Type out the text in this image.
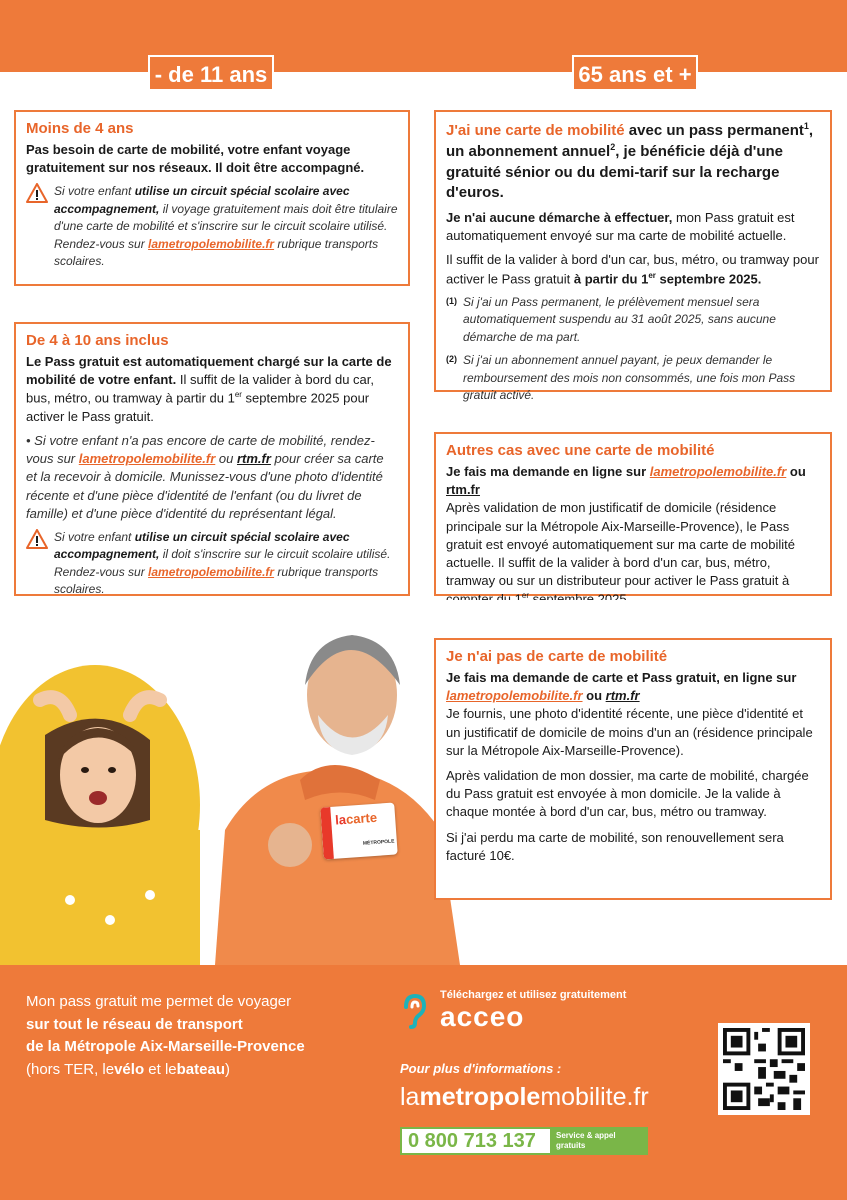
- de 11 ans	65 ans et +
Moins de 4 ans

Pas besoin de carte de mobilité, votre enfant voyage gratuitement sur nos réseaux. Il doit être accompagné.

Si votre enfant utilise un circuit spécial scolaire avec accompagnement, il voyage gratuitement mais doit être titulaire d'une carte de mobilité et s'inscrire sur le circuit scolaire utilisé.
Rendez-vous sur lametropolemobilite.fr rubrique transports scolaires.
De 4 à 10 ans inclus

Le Pass gratuit est automatiquement chargé sur la carte de mobilité de votre enfant. Il suffit de la valider à bord du car, bus, métro, ou tramway à partir du 1er septembre 2025 pour activer le Pass gratuit.

• Si votre enfant n'a pas encore de carte de mobilité, rendez-vous sur lametropolemobilite.fr ou rtm.fr pour créer sa carte et la recevoir à domicile. Munissez-vous d'une photo d'identité récente et d'une pièce d'identité de l'enfant (ou du livret de famille) et d'une pièce d'identité du représentant légal.

Si votre enfant utilise un circuit spécial scolaire avec accompagnement, il doit s'inscrire sur le circuit scolaire utilisé.
Rendez-vous sur lametropolemobilite.fr rubrique transports scolaires.
J'ai une carte de mobilité avec un pass permanent$^1$, un abonnement annuel$^2$, je bénéficie déjà d'une gratuité sénior ou du demi-tarif sur la recharge d'euros.

Je n'ai aucune démarche à effectuer, mon Pass gratuit est automatiquement envoyé sur ma carte de mobilité actuelle.

Il suffit de la valider à bord d'un car, bus, métro, ou tramway pour activer le Pass gratuit à partir du 1er septembre 2025.

(1) Si j'ai un Pass permanent, le prélèvement mensuel sera automatiquement suspendu au 31 août 2025, sans aucune démarche de ma part.
(2) Si j'ai un abonnement annuel payant, je peux demander le remboursement des mois non consommés, une fois mon Pass gratuit activé.
Autres cas avec une carte de mobilité

Je fais ma demande en ligne sur lametropolemobilite.fr ou rtm.fr
Après validation de mon justificatif de domicile (résidence principale sur la Métropole Aix-Marseille-Provence), le Pass gratuit est envoyé automatiquement sur ma carte de mobilité actuelle. Il suffit de la valider à bord d'un car, bus, métro, tramway ou sur un distributeur pour activer le Pass gratuit à $^{er}$

lacarte
MÉTROPOLE
Je n'ai pas de carte de mobilité

Je fais ma demande de carte et Pass gratuit, en ligne sur
lametropolemobilite.fr ou rtm.fr
Je fournis, une photo d'identité récente, une pièce d'identité et un justificatif de domicile de moins d'un an (résidence principale sur la Métropole Aix-Marseille-Provence).

Après validation de mon dossier, ma carte de mobilité, chargée du Pass gratuit est envoyée à mon domicile. Je la valide à chaque montée à bord d'un car, bus, métro ou tramway.

Si j'ai perdu ma carte de mobilité, son renouvellement sera facturé 10€.

Mon pass gratuit me permet de voyager
sur tout le réseau de transport
de la Métropole Aix-Marseille-Provence
(hors TER, levélo et lebateau)
Téléchargez et utilisez gratuitement
acceo
Pour plus d'informations :
lametropolemobilite.fr
0 800 713 137	Service & appel gratuits
